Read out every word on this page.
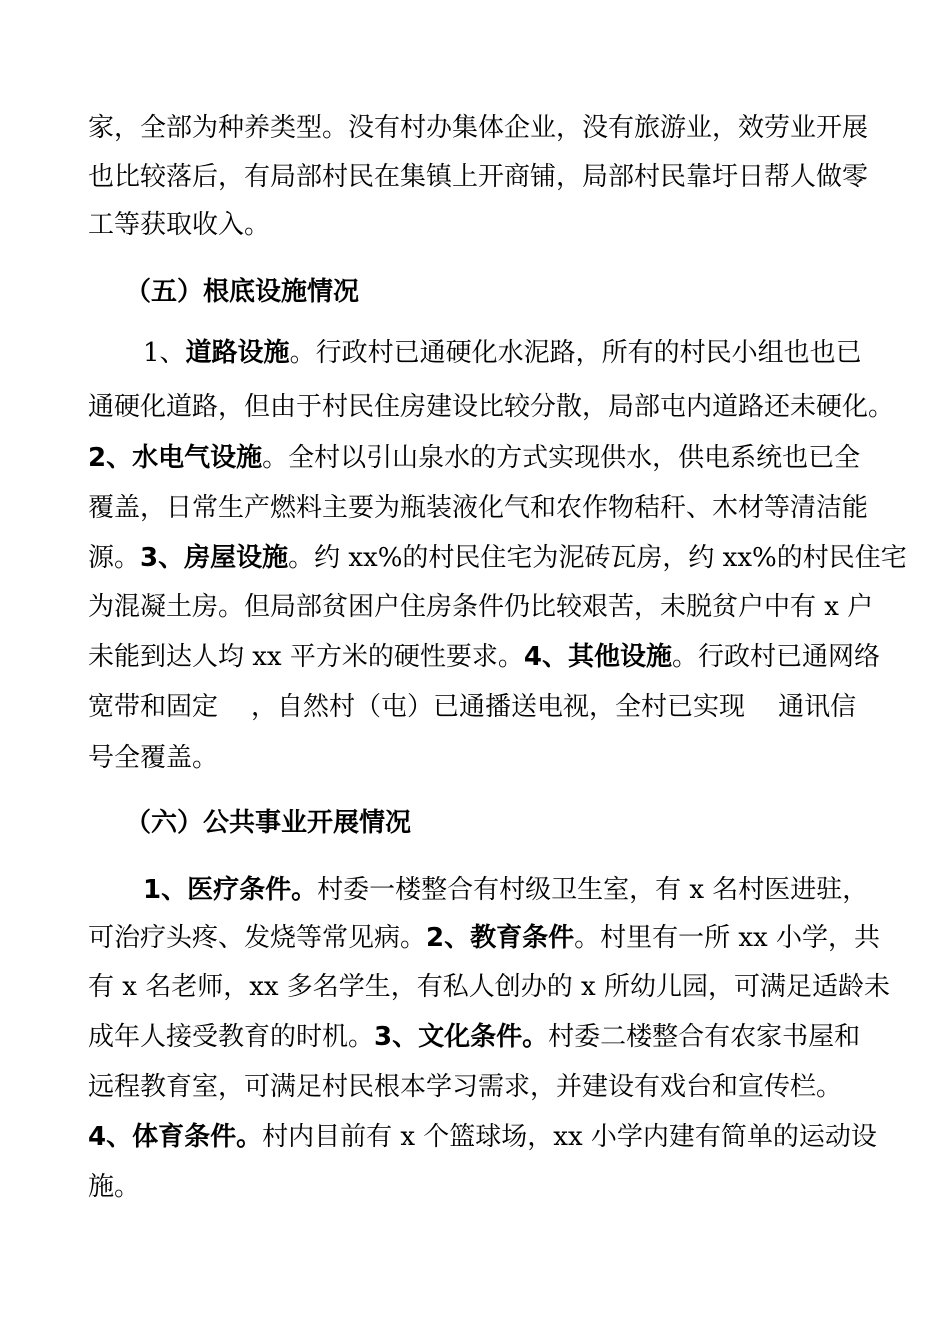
家，全部为种养类型。没有村办集体企业，没有旅游业，效劳业开展
也比较落后，有局部村民在集镇上开商铺，局部村民靠圩日帮人做零
工等获取收入。
（五）根底设施情况
1、道路设施。行政村已通硬化水泥路，所有的村民小组也也已
通硬化道路，但由于村民住房建设比较分散，局部屯内道路还未硬化。
2、水电气设施。全村以引山泉水的方式实现供水，供电系统也已全
覆盖，日常生产燃料主要为瓶装液化气和农作物秸秆、木材等清洁能
源。3、房屋设施。约 xx%的村民住宅为泥砖瓦房，约 xx%的村民住宅
为混凝土房。但局部贫困户住房条件仍比较艰苦，未脱贫户中有 x 户
未能到达人均 xx 平方米的硬性要求。4、其他设施。行政村已通网络
宽带和固定    ，自然村（屯）已通播送电视，全村已实现    通讯信
号全覆盖。
（六）公共事业开展情况
1、医疗条件。村委一楼整合有村级卫生室，有 x 名村医进驻，
可治疗头疼、发烧等常见病。2、教育条件。村里有一所 xx 小学，共
有 x 名老师，xx 多名学生，有私人创办的 x 所幼儿园，可满足适龄未
成年人接受教育的时机。3、文化条件。村委二楼整合有农家书屋和
远程教育室，可满足村民根本学习需求，并建设有戏台和宣传栏。
4、体育条件。村内目前有 x 个篮球场，xx 小学内建有简单的运动设
施。
